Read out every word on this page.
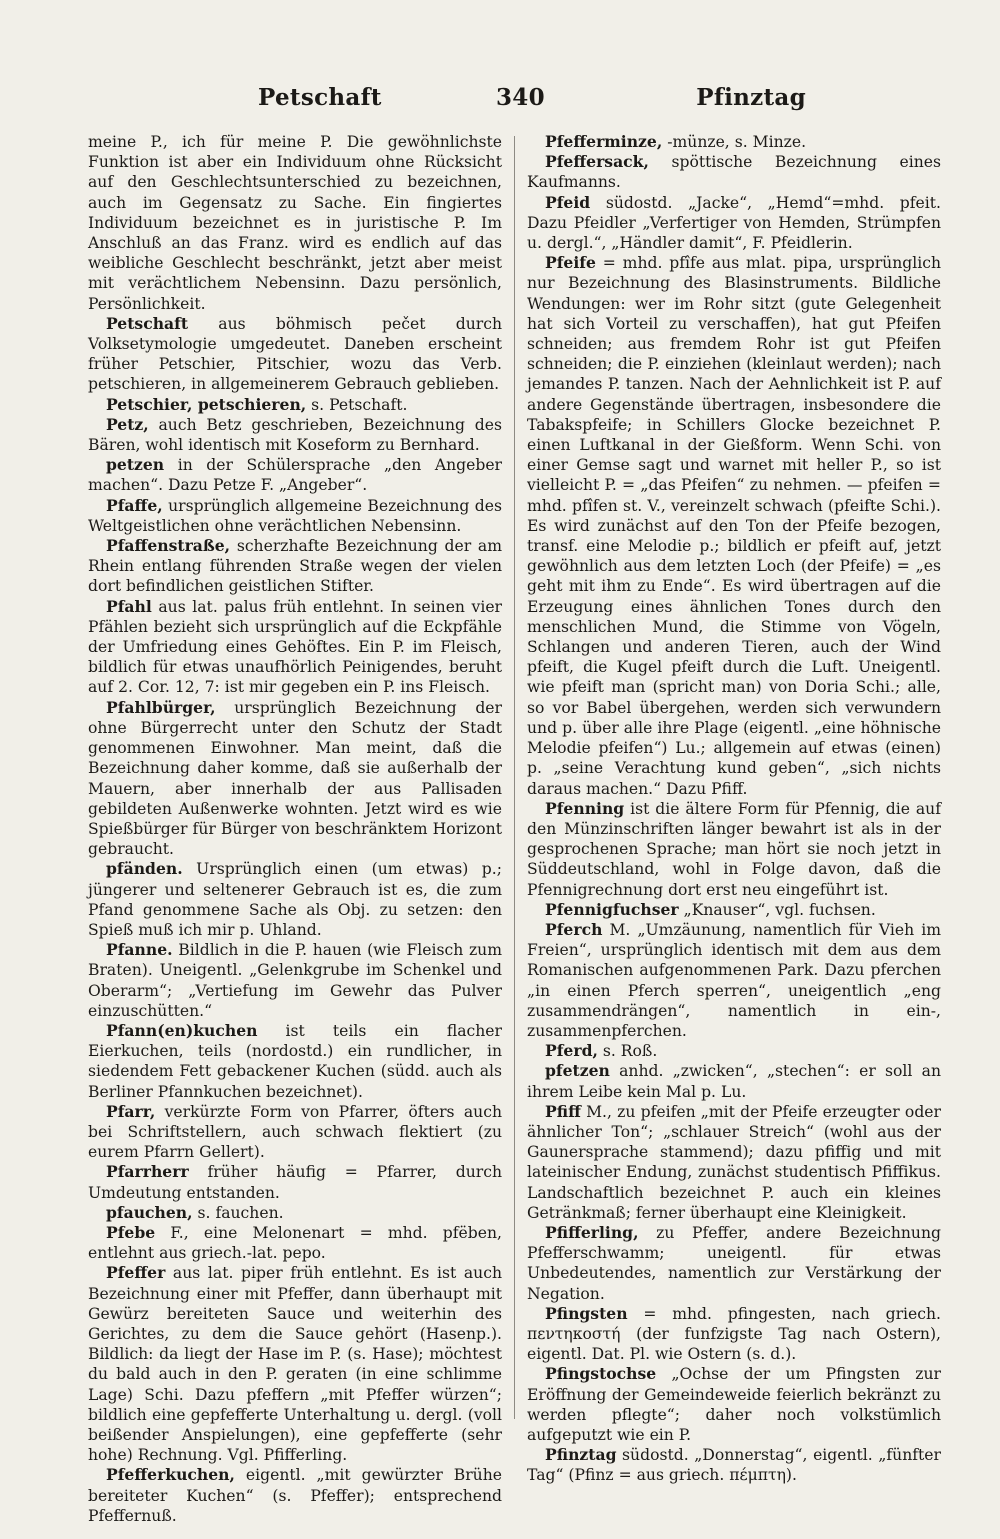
Petschaft	340	Pfinztag

meine P., ich für meine P. Die gewöhnlichste Funktion ist aber ein Individuum ohne Rücksicht auf den Geschlechtsunterschied zu bezeichnen, auch im Gegensatz zu Sache. Ein fingiertes Individuum bezeichnet es in juristische P. Im Anschluß an das Franz. wird es endlich auf das weibliche Geschlecht beschränkt, jetzt aber meist mit verächtlichem Nebensinn. Dazu persönlich, Persönlichkeit.

Petschaft aus böhmisch pečet durch Volksetymologie umgedeutet. Daneben erscheint früher Petschier, Pitschier, wozu das Verb. petschieren, in allgemeinerem Gebrauch geblieben.

Petschier, petschieren, s. Petschaft.

Petz, auch Betz geschrieben, Bezeichnung des Bären, wohl identisch mit Koseform zu Bernhard.

petzen in der Schülersprache „den Angeber machen“. Dazu Petze F. „Angeber“.

Pfaffe, ursprünglich allgemeine Bezeichnung des Weltgeistlichen ohne verächtlichen Nebensinn.

Pfaffenstraße, scherzhafte Bezeichnung der am Rhein entlang führenden Straße wegen der vielen dort befindlichen geistlichen Stifter.

Pfahl aus lat. palus früh entlehnt. In seinen vier Pfählen bezieht sich ursprünglich auf die Eckpfähle der Umfriedung eines Gehöftes. Ein P. im Fleisch, bildlich für etwas unaufhörlich Peinigendes, beruht auf 2. Cor. 12, 7: ist mir gegeben ein P. ins Fleisch.

Pfahlbürger, ursprünglich Bezeichnung der ohne Bürgerrecht unter den Schutz der Stadt genommenen Einwohner. Man meint, daß die Bezeichnung daher komme, daß sie außerhalb der Mauern, aber innerhalb der aus Pallisaden gebildeten Außenwerke wohnten. Jetzt wird es wie Spießbürger für Bürger von beschränktem Horizont gebraucht.

pfänden. Ursprünglich einen (um etwas) p.; jüngerer und seltenerer Gebrauch ist es, die zum Pfand genommene Sache als Obj. zu setzen: den Spieß muß ich mir p. Uhland.

Pfanne. Bildlich in die P. hauen (wie Fleisch zum Braten). Uneigentl. „Gelenkgrube im Schenkel und Oberarm“; „Vertiefung im Gewehr das Pulver einzuschütten.“

Pfann(en)kuchen ist teils ein flacher Eierkuchen, teils (nordostd.) ein rundlicher, in siedendem Fett gebackener Kuchen (südd. auch als Berliner Pfannkuchen bezeichnet).

Pfarr, verkürzte Form von Pfarrer, öfters auch bei Schriftstellern, auch schwach flektiert (zu eurem Pfarrn Gellert).

Pfarrherr früher häufig = Pfarrer, durch Umdeutung entstanden.

pfauchen, s. fauchen.

Pfebe F., eine Melonenart = mhd. pfëben, entlehnt aus griech.-lat. pepo.

Pfeffer aus lat. piper früh entlehnt. Es ist auch Bezeichnung einer mit Pfeffer, dann überhaupt mit Gewürz bereiteten Sauce und weiterhin des Gerichtes, zu dem die Sauce gehört (Hasenp.). Bildlich: da liegt der Hase im P. (s. Hase); möchtest du bald auch in den P. geraten (in eine schlimme Lage) Schi. Dazu pfeffern „mit Pfeffer würzen“; bildlich eine gepfefferte Unterhaltung u. dergl. (voll beißender Anspielungen), eine gepfefferte (sehr hohe) Rechnung. Vgl. Pfifferling.

Pfefferkuchen, eigentl. „mit gewürzter Brühe bereiteter Kuchen“ (s. Pfeffer); entsprechend Pfeffernuß.

Pfefferminze, -münze, s. Minze.

Pfeffersack, spöttische Bezeichnung eines Kaufmanns.

Pfeid südostd. „Jacke“, „Hemd“=mhd. pfeit. Dazu Pfeidler „Verfertiger von Hemden, Strümpfen u. dergl.“, „Händler damit“, F. Pfeidlerin.

Pfeife = mhd. pfîfe aus mlat. pipa, ursprünglich nur Bezeichnung des Blasinstruments. Bildliche Wendungen: wer im Rohr sitzt (gute Gelegenheit hat sich Vorteil zu verschaffen), hat gut Pfeifen schneiden; aus fremdem Rohr ist gut Pfeifen schneiden; die P. einziehen (kleinlaut werden); nach jemandes P. tanzen. Nach der Aehnlichkeit ist P. auf andere Gegenstände übertragen, insbesondere die Tabakspfeife; in Schillers Glocke bezeichnet P. einen Luftkanal in der Gießform. Wenn Schi. von einer Gemse sagt und warnet mit heller P., so ist vielleicht P. = „das Pfeifen“ zu nehmen. — pfeifen = mhd. pfîfen st. V., vereinzelt schwach (pfeifte Schi.). Es wird zunächst auf den Ton der Pfeife bezogen, transf. eine Melodie p.; bildlich er pfeift auf, jetzt gewöhnlich aus dem letzten Loch (der Pfeife) = „es geht mit ihm zu Ende“. Es wird übertragen auf die Erzeugung eines ähnlichen Tones durch den menschlichen Mund, die Stimme von Vögeln, Schlangen und anderen Tieren, auch der Wind pfeift, die Kugel pfeift durch die Luft. Uneigentl. wie pfeift man (spricht man) von Doria Schi.; alle, so vor Babel übergehen, werden sich verwundern und p. über alle ihre Plage (eigentl. „eine höhnische Melodie pfeifen“) Lu.; allgemein auf etwas (einen) p. „seine Verachtung kund geben“, „sich nichts daraus machen.“ Dazu Pfiff.

Pfenning ist die ältere Form für Pfennig, die auf den Münzinschriften länger bewahrt ist als in der gesprochenen Sprache; man hört sie noch jetzt in Süddeutschland, wohl in Folge davon, daß die Pfennigrechnung dort erst neu eingeführt ist.

Pfennigfuchser „Knauser“, vgl. fuchsen.

Pferch M. „Umzäunung, namentlich für Vieh im Freien“, ursprünglich identisch mit dem aus dem Romanischen aufgenommenen Park. Dazu pferchen „in einen Pferch sperren“, uneigentlich „eng zusammendrängen“, namentlich in ein-, zusammenpferchen.

Pferd, s. Roß.

pfetzen anhd. „zwicken“, „stechen“: er soll an ihrem Leibe kein Mal p. Lu.

Pfiff M., zu pfeifen „mit der Pfeife erzeugter oder ähnlicher Ton“; „schlauer Streich“ (wohl aus der Gaunersprache stammend); dazu pfiffig und mit lateinischer Endung, zunächst studentisch Pfiffikus. Landschaftlich bezeichnet P. auch ein kleines Getränkmaß; ferner überhaupt eine Kleinigkeit.

Pfifferling, zu Pfeffer, andere Bezeichnung Pfefferschwamm; uneigentl. für etwas Unbedeutendes, namentlich zur Verstärkung der Negation.

Pfingsten = mhd. pfingesten, nach griech. πεντηκοστή (der funfzigste Tag nach Ostern), eigentl. Dat. Pl. wie Ostern (s. d.).

Pfingstochse „Ochse der um Pfingsten zur Eröffnung der Gemeindeweide feierlich bekränzt zu werden pflegte“; daher noch volkstümlich aufgeputzt wie ein P.

Pfinztag südostd. „Donnerstag“, eigentl. „fünfter Tag“ (Pfinz = aus griech. πέμπτη).
